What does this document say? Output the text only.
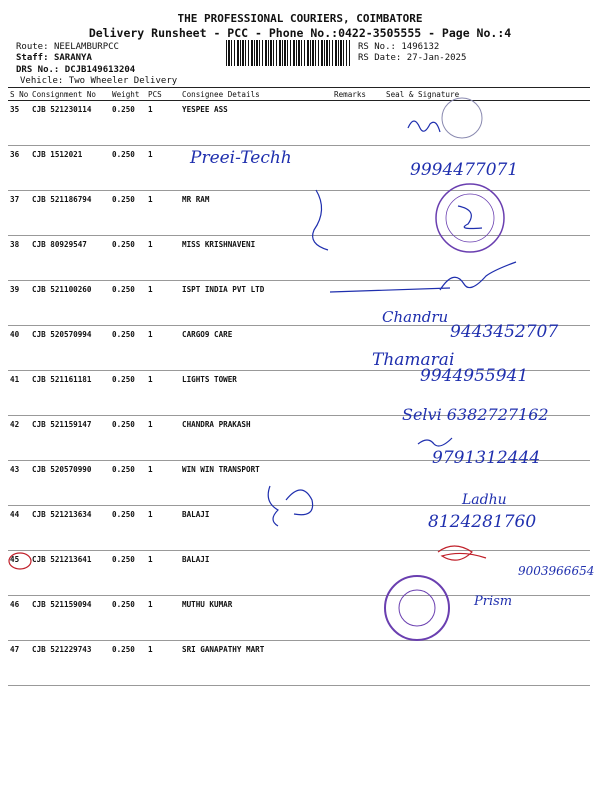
THE PROFESSIONAL COURIERS, COIMBATORE
Delivery Runsheet - PCC - Phone No.:0422-3505555 - Page No.:4
Route: NEELAMBURPCC
Staff: SARANYA
DRS No.: DCJB149613204
Vehicle: Two Wheeler Delivery
RS No.: 1496132
RS Date: 27-Jan-2025
S No	Consignment No	Weight	PCS	Consignee Details	Remarks	Seal & Signature
35	CJB 521230114	0.250	1	YESPEE ASS		
36	CJB 1512021	0.250	1			
37	CJB 521186794	0.250	1	MR RAM		
38	CJB 80929547	0.250	1	MISS KRISHNAVENI		
39	CJB 521100260	0.250	1	ISPT INDIA PVT LTD		
40	CJB 520570994	0.250	1	CARGO9 CARE		
41	CJB 521161181	0.250	1	LIGHTS TOWER		
42	CJB 521159147	0.250	1	CHANDRA PRAKASH		
43	CJB 520570990	0.250	1	WIN WIN TRANSPORT		
44	CJB 521213634	0.250	1	BALAJI		
45	CJB 521213641	0.250	1	BALAJI		
46	CJB 521159094	0.250	1	MUTHU KUMAR		
47	CJB 521229743	0.250	1	SRI GANAPATHY MART		
Preei-Techh
9994477071
Chandru
9443452707
Thamarai
9944955941
Selvi 6382727162
9791312444
Ladhu
8124281760
9003966654
Prism
